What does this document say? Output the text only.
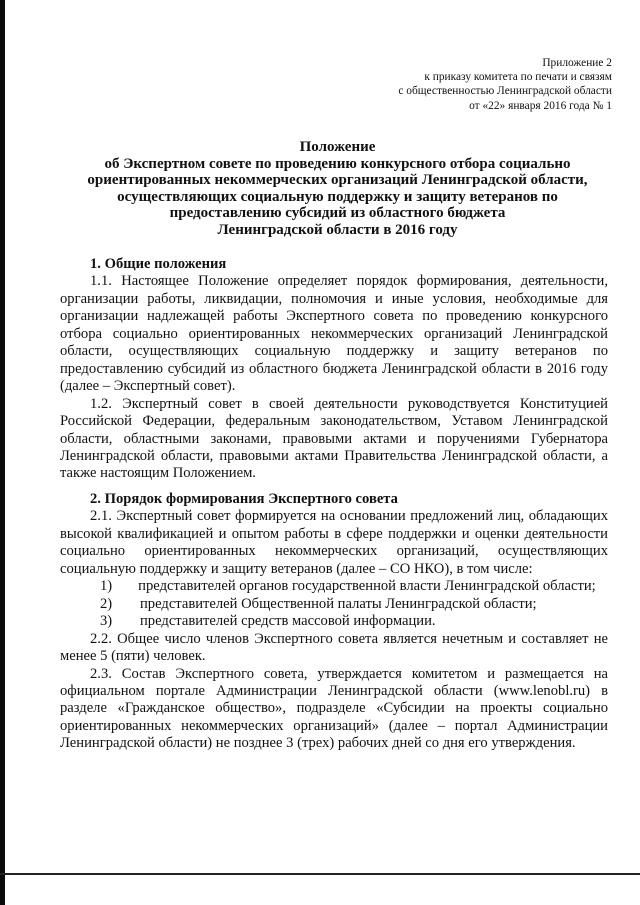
Приложение 2
к приказу комитета по печати и связям
с общественностью Ленинградской области
от «22» января 2016 года № 1
Положение
об Экспертном совете по проведению конкурсного отбора социально
ориентированных некоммерческих организаций Ленинградской области,
осуществляющих социальную поддержку и защиту ветеранов по
предоставлению субсидий из областного бюджета
Ленинградской области в 2016 году
1. Общие положения

1.1. Настоящее Положение определяет порядок формирования, деятельности, организации работы, ликвидации, полномочия и иные условия, необходимые для организации надлежащей работы Экспертного совета по проведению конкурсного отбора социально ориентированных некоммерческих организаций Ленинградской области, осуществляющих социальную поддержку и защиту ветеранов по предоставлению субсидий из областного бюджета Ленинградской области в 2016 году (далее – Экспертный совет).

1.2. Экспертный совет в своей деятельности руководствуется Конституцией Российской Федерации, федеральным законодательством, Уставом Ленинградской области, областными законами, правовыми актами и поручениями Губернатора Ленинградской области, правовыми актами Правительства Ленинградской области, а также настоящим Положением.

2. Порядок формирования Экспертного совета

2.1. Экспертный совет формируется на основании предложений лиц, обладающих высокой квалификацией и опытом работы в сфере поддержки и оценки деятельности социально ориентированных некоммерческих организаций, осуществляющих социальную поддержку и защиту ветеранов (далее – СО НКО), в том числе:

1) представителей органов государственной власти Ленинградской области;
2)	представителей Общественной палаты Ленинградской области;
3)	представителей средств массовой информации.

2.2. Общее число членов Экспертного совета является нечетным и составляет не менее 5 (пяти) человек.

2.3. Состав Экспертного совета, утверждается комитетом и размещается на официальном портале Администрации Ленинградской области (www.lenobl.ru) в разделе «Гражданское общество», подразделе «Субсидии на проекты социально ориентированных некоммерческих организаций» (далее – портал Администрации Ленинградской области) не позднее 3 (трех) рабочих дней со дня его утверждения.
